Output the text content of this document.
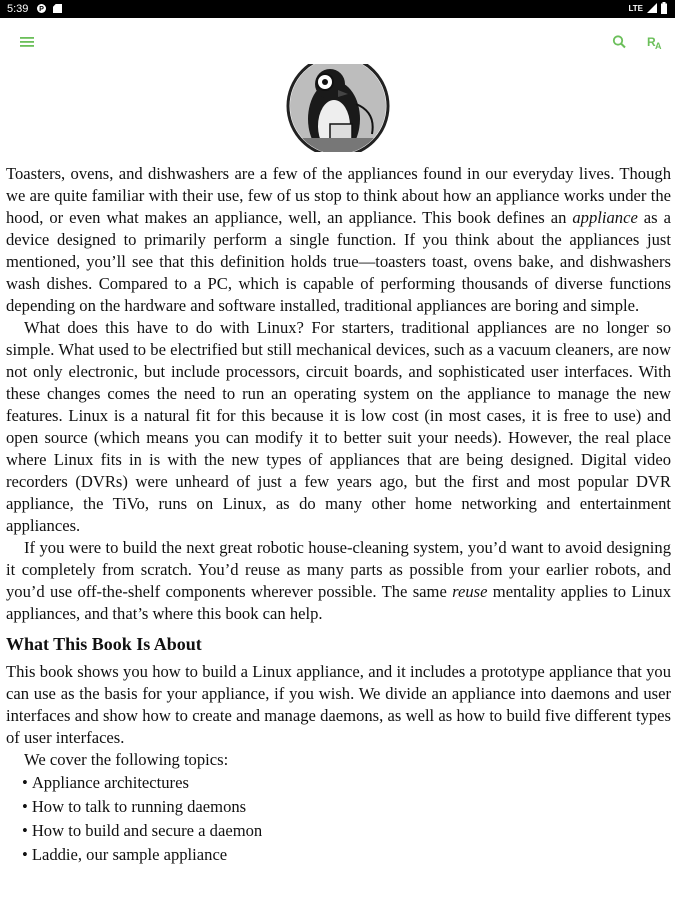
5:39 P	LTE
R A

Toasters, ovens, and dishwashers are a few of the appliances found in our everyday lives. Though we are quite familiar with their use, few of us stop to think about how an appliance works under the hood, or even what makes an appliance, well, an appliance. This book defines an appliance as a device designed to primarily perform a single function. If you think about the appliances just mentioned, you’ll see that this definition holds true—toasters toast, ovens bake, and dishwashers wash dishes. Compared to a PC, which is capable of performing thousands of diverse functions depending on the hardware and software installed, traditional appliances are boring and simple.

What does this have to do with Linux? For starters, traditional appliances are no longer so simple. What used to be electrified but still mechanical devices, such as a vacuum cleaners, are now not only electronic, but include processors, circuit boards, and sophisticated user interfaces. With these changes comes the need to run an operating system on the appliance to manage the new features. Linux is a natural fit for this because it is low cost (in most cases, it is free to use) and open source (which means you can modify it to better suit your needs). However, the real place where Linux fits in is with the new types of appliances that are being designed. Digital video recorders (DVRs) were unheard of just a few years ago, but the first and most popular DVR appliance, the TiVo, runs on Linux, as do many other home networking and entertainment appliances.

If you were to build the next great robotic house-cleaning system, you’d want to avoid designing it completely from scratch. You’d reuse as many parts as possible from your earlier robots, and you’d use off-the-shelf components wherever possible. The same reuse mentality applies to Linux appliances, and that’s where this book can help.

What This Book Is About

This book shows you how to build a Linux appliance, and it includes a prototype appliance that you can use as the basis for your appliance, if you wish. We divide an appliance into daemons and user interfaces and show how to create and manage daemons, as well as how to build five different types of user interfaces.

We cover the following topics:

• Appliance architectures
• How to talk to running daemons
• How to build and secure a daemon
• Laddie, our sample appliance
